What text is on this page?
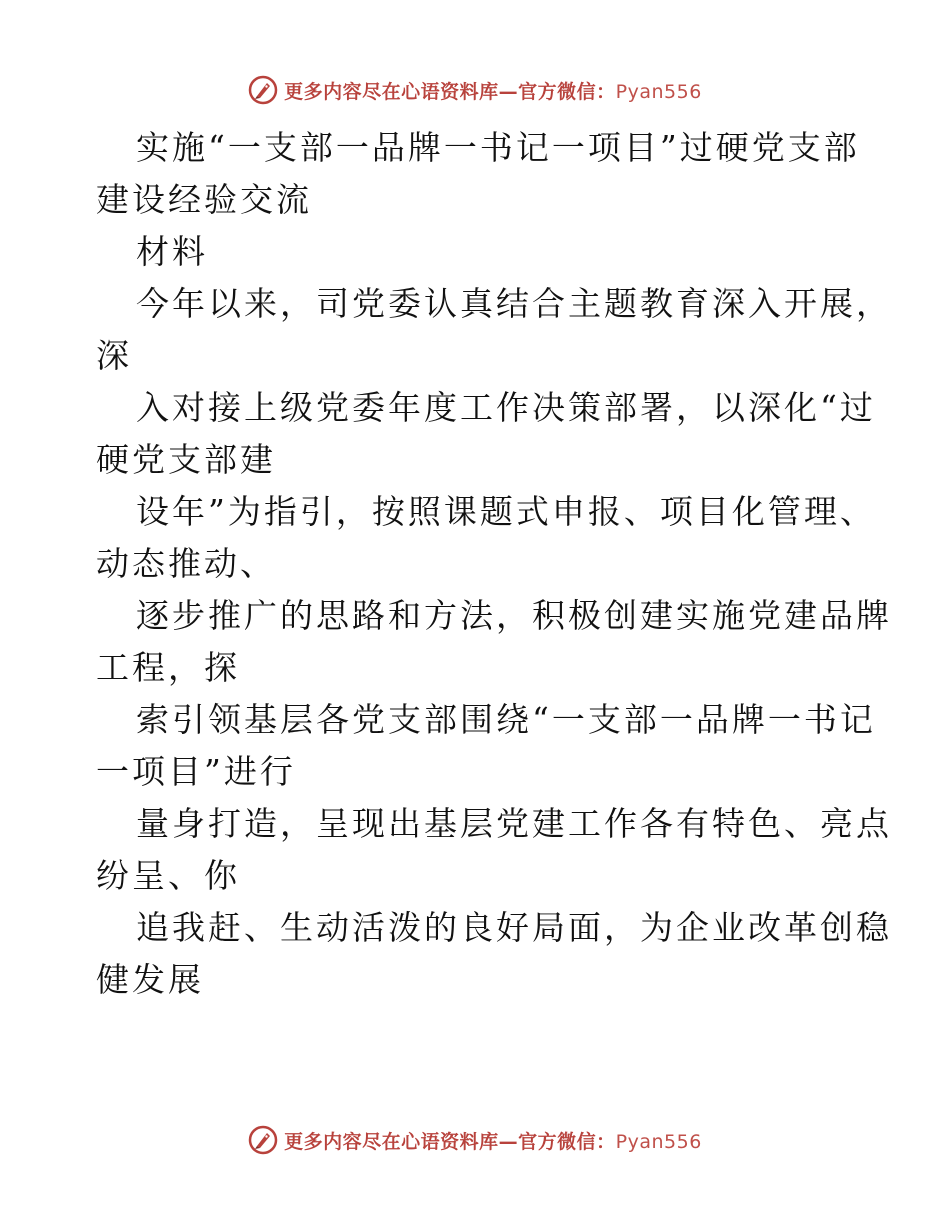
更多内容尽在心语资料库—官方微信：Pyan556
实施“一支部一品牌一书记一项目”过硬党支部
建设经验交流
材料
今年以来，司党委认真结合主题教育深入开展，
深
入对接上级党委年度工作决策部署，以深化“过
硬党支部建
设年”为指引，按照课题式申报、项目化管理、
动态推动、
逐步推广的思路和方法，积极创建实施党建品牌
工程，探
索引领基层各党支部围绕“一支部一品牌一书记
一项目”进行
量身打造，呈现出基层党建工作各有特色、亮点
纷呈、你
追我赶、生动活泼的良好局面，为企业改革创稳
健发展
更多内容尽在心语资料库—官方微信：Pyan556
